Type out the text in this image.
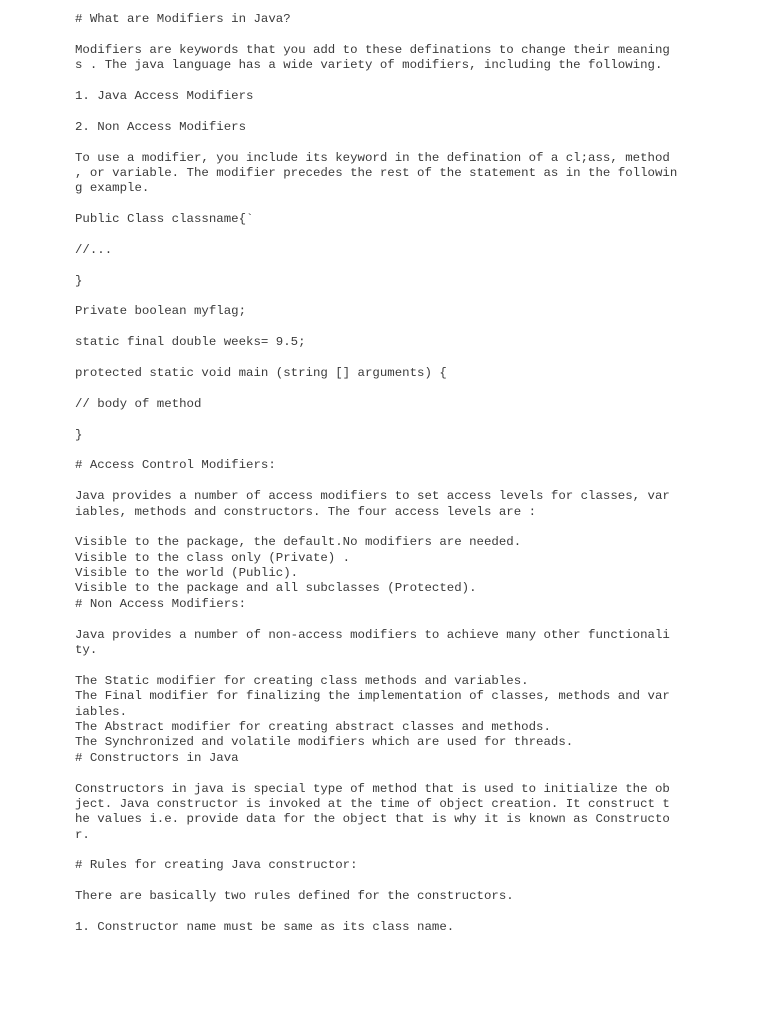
# What are Modifiers in Java?
Modifiers are keywords that you add to these definations to change their meaning
s . The java language has a wide variety of modifiers, including the following.
1. Java Access Modifiers
2. Non Access Modifiers
To use a modifier, you include its keyword in the defination of a cl;ass, method
, or variable. The modifier precedes the rest of the statement as in the followin
g example.
Public Class classname{`
//...
}
Private boolean myflag;
static final double weeks= 9.5;
protected static void main (string [] arguments) {
// body of method
}
# Access Control Modifiers:
Java provides a number of access modifiers to set access levels for classes, var
iables, methods and constructors. The four access levels are :
Visible to the package, the default.No modifiers are needed.
Visible to the class only (Private) .
Visible to the world (Public).
Visible to the package and all subclasses (Protected).
# Non Access Modifiers:
Java provides a number of non-access modifiers to achieve many other functionali
ty.
The Static modifier for creating class methods and variables.
The Final modifier for finalizing the implementation of classes, methods and var
iables.
The Abstract modifier for creating abstract classes and methods.
The Synchronized and volatile modifiers which are used for threads.
# Constructors in Java
Constructors in java is special type of method that is used to initialize the ob
ject. Java constructor is invoked at the time of object creation. It construct t
he values i.e. provide data for the object that is why it is known as Constructo
r.
# Rules for creating Java constructor:
There are basically two rules defined for the constructors.
1. Constructor name must be same as its class name.
